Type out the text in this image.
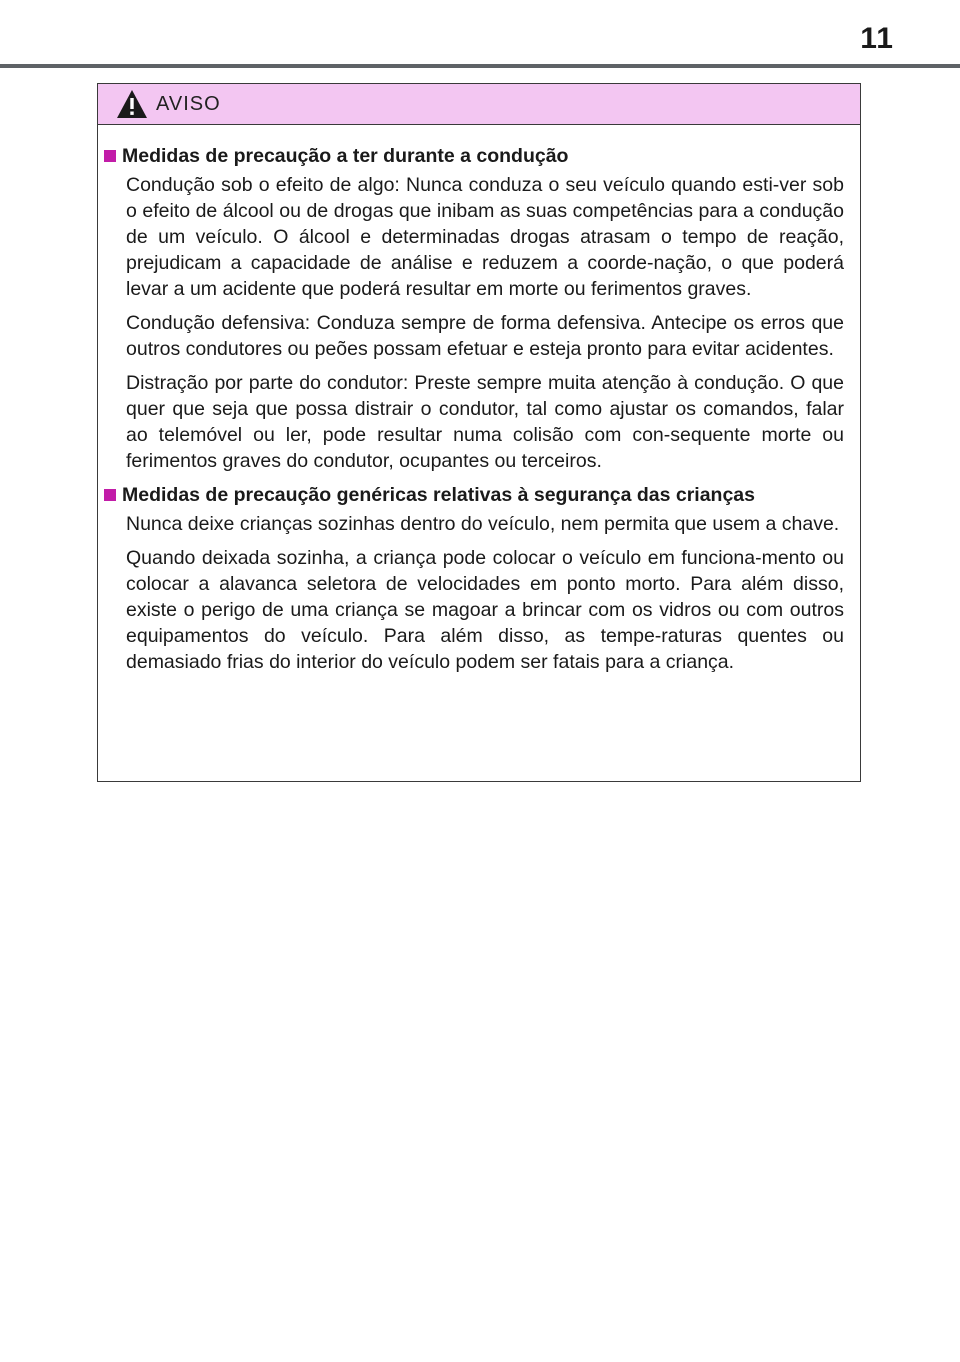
11
AVISO
Medidas de precaução a ter durante a condução

Condução sob o efeito de algo: Nunca conduza o seu veículo quando esti-ver sob o efeito de álcool ou de drogas que inibam as suas competências para a condução de um veículo. O álcool e determinadas drogas atrasam o tempo de reação, prejudicam a capacidade de análise e reduzem a coorde-nação, o que poderá levar a um acidente que poderá resultar em morte ou ferimentos graves.

Condução defensiva: Conduza sempre de forma defensiva. Antecipe os erros que outros condutores ou peões possam efetuar e esteja pronto para evitar acidentes.

Distração por parte do condutor: Preste sempre muita atenção à condução. O que quer que seja que possa distrair o condutor, tal como ajustar os comandos, falar ao telemóvel ou ler, pode resultar numa colisão com con-sequente morte ou ferimentos graves do condutor, ocupantes ou terceiros.

Medidas de precaução genéricas relativas à segurança das crianças

Nunca deixe crianças sozinhas dentro do veículo, nem permita que usem a chave.

Quando deixada sozinha, a criança pode colocar o veículo em funciona-mento ou colocar a alavanca seletora de velocidades em ponto morto. Para além disso, existe o perigo de uma criança se magoar a brincar com os vidros ou com outros equipamentos do veículo. Para além disso, as tempe-raturas quentes ou demasiado frias do interior do veículo podem ser fatais para a criança.
